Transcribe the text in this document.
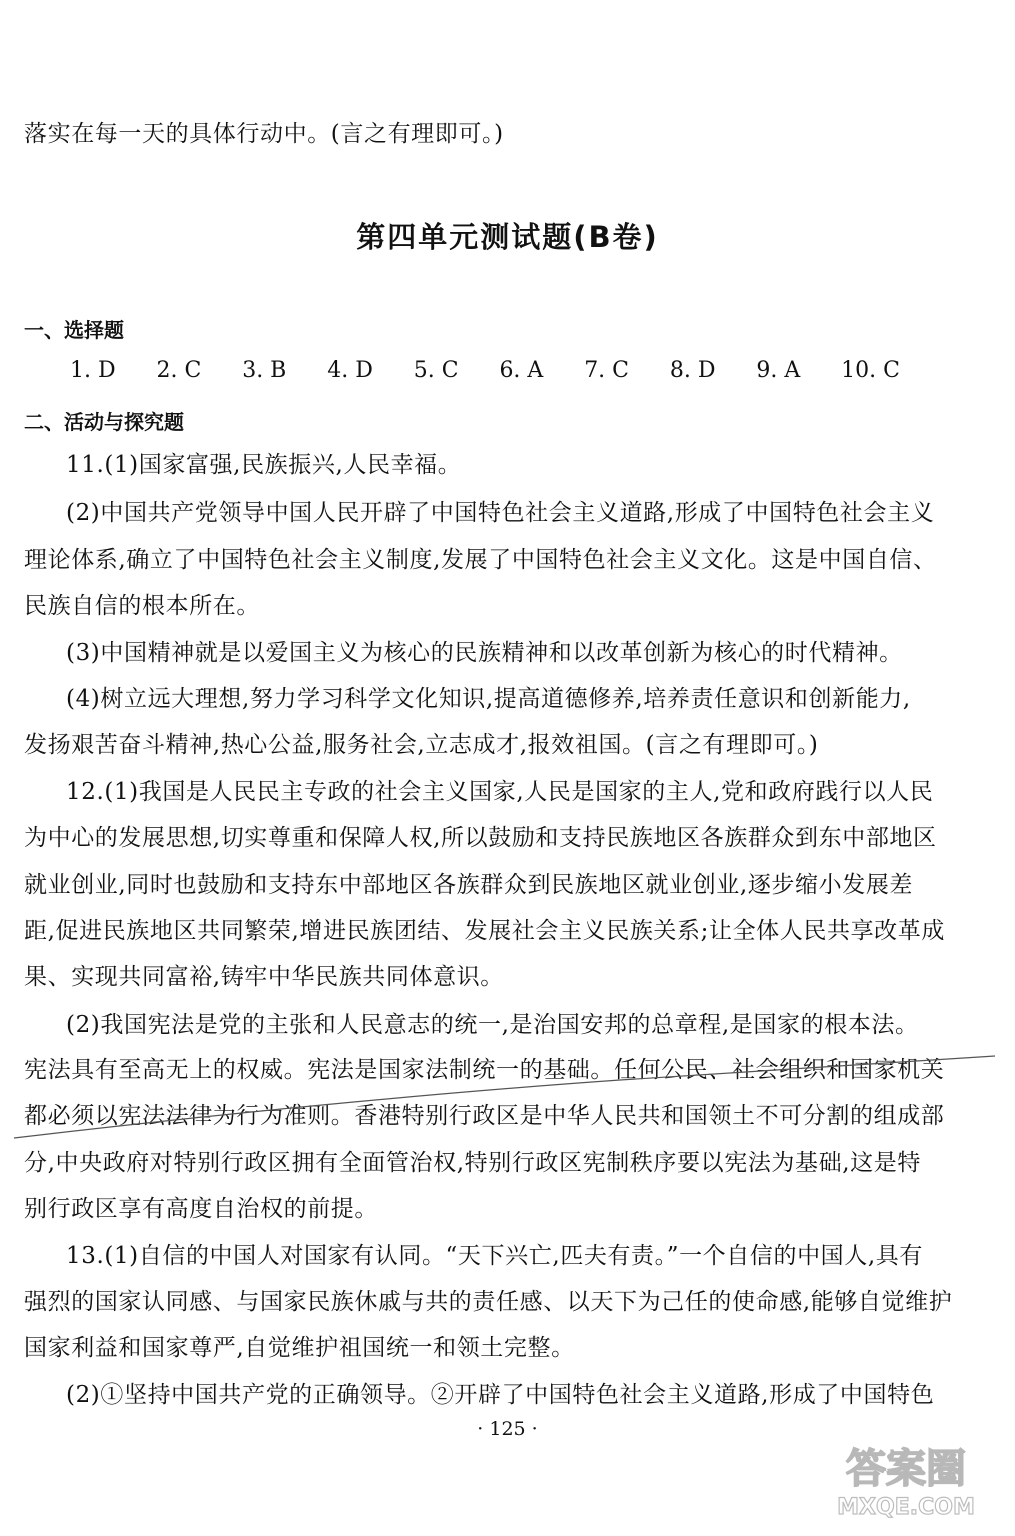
落实在每一天的具体行动中。(言之有理即可。)
第四单元测试题(B卷)
一、选择题
1. D 2. C 3. B 4. D 5. C 6. A 7. C 8. D 9. A 10. C
二、活动与探究题
11.(1)国家富强,民族振兴,人民幸福。
(2)中国共产党领导中国人民开辟了中国特色社会主义道路,形成了中国特色社会主义
理论体系,确立了中国特色社会主义制度,发展了中国特色社会主义文化。这是中国自信、
民族自信的根本所在。
(3)中国精神就是以爱国主义为核心的民族精神和以改革创新为核心的时代精神。
(4)树立远大理想,努力学习科学文化知识,提高道德修养,培养责任意识和创新能力,
发扬艰苦奋斗精神,热心公益,服务社会,立志成才,报效祖国。(言之有理即可。)
12.(1)我国是人民民主专政的社会主义国家,人民是国家的主人,党和政府践行以人民
为中心的发展思想,切实尊重和保障人权,所以鼓励和支持民族地区各族群众到东中部地区
就业创业,同时也鼓励和支持东中部地区各族群众到民族地区就业创业,逐步缩小发展差
距,促进民族地区共同繁荣,增进民族团结、发展社会主义民族关系;让全体人民共享改革成
果、实现共同富裕,铸牢中华民族共同体意识。
(2)我国宪法是党的主张和人民意志的统一,是治国安邦的总章程,是国家的根本法。
宪法具有至高无上的权威。宪法是国家法制统一的基础。任何公民、社会组织和国家机关
都必须以宪法法律为行为准则。香港特别行政区是中华人民共和国领土不可分割的组成部
分,中央政府对特别行政区拥有全面管治权,特别行政区宪制秩序要以宪法为基础,这是特
别行政区享有高度自治权的前提。
13.(1)自信的中国人对国家有认同。“天下兴亡,匹夫有责。”一个自信的中国人,具有
强烈的国家认同感、与国家民族休戚与共的责任感、以天下为己任的使命感,能够自觉维护
国家利益和国家尊严,自觉维护祖国统一和领土完整。
(2)①坚持中国共产党的正确领导。②开辟了中国特色社会主义道路,形成了中国特色
· 125 ·
答案圈
MXQE.COM
